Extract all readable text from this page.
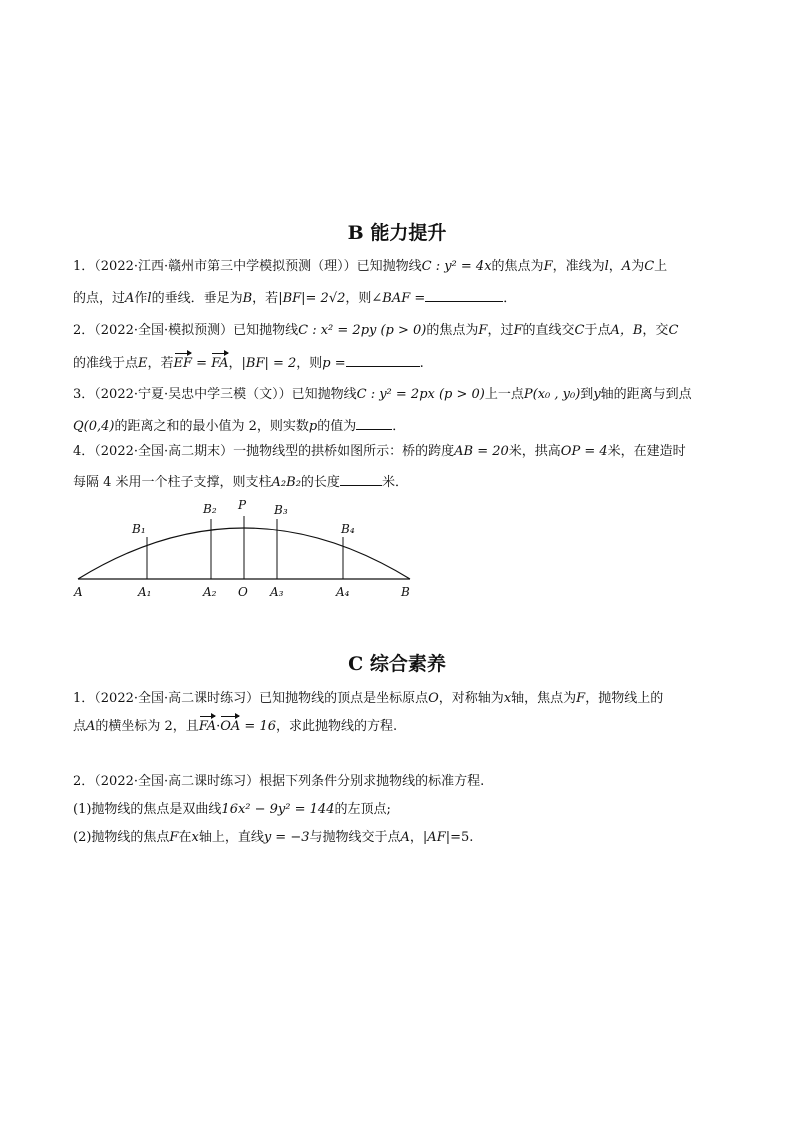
B 能力提升
1．（2022·江西·赣州市第三中学模拟预测（理））已知抛物线C : y² = 4x的焦点为F，准线为l，A为C上
的点，过A作l的垂线．垂足为B，若|BF|= 2√2，则∠BAF =	．
2．（2022·全国·模拟预测）已知抛物线C : x² = 2py (p > 0)的焦点为F，过F的直线交C于点A，B，交C
的准线于点E，若EF = FA，|BF| = 2，则p =	.
3．（2022·宁夏·吴忠中学三模（文））已知抛物线C : y² = 2px (p > 0)上一点P(x₀ , y₀)到y轴的距离与到点
Q(0,4)的距离之和的最小值为 2，则实数p的值为	．
4．（2022·全国·高二期末）一抛物线型的拱桥如图所示：桥的跨度AB = 20米，拱高OP = 4米，在建造时
每隔 4 米用一个柱子支撑，则支柱A₂B₂的长度	米．
B₁
B₂ P B₃
B₄
A	A₁	A₂ O A₃	A₄	B
C 综合素养
1．（2022·全国·高二课时练习）已知抛物线的顶点是坐标原点O，对称轴为x轴，焦点为F，抛物线上的
点A的横坐标为 2，且FA·OA = 16，求此抛物线的方程.
2．（2022·全国·高二课时练习）根据下列条件分别求抛物线的标准方程.
(1)抛物线的焦点是双曲线16x² − 9y² = 144的左顶点;
(2)抛物线的焦点F在x轴上，直线y = −3与抛物线交于点A，|AF|=5.
